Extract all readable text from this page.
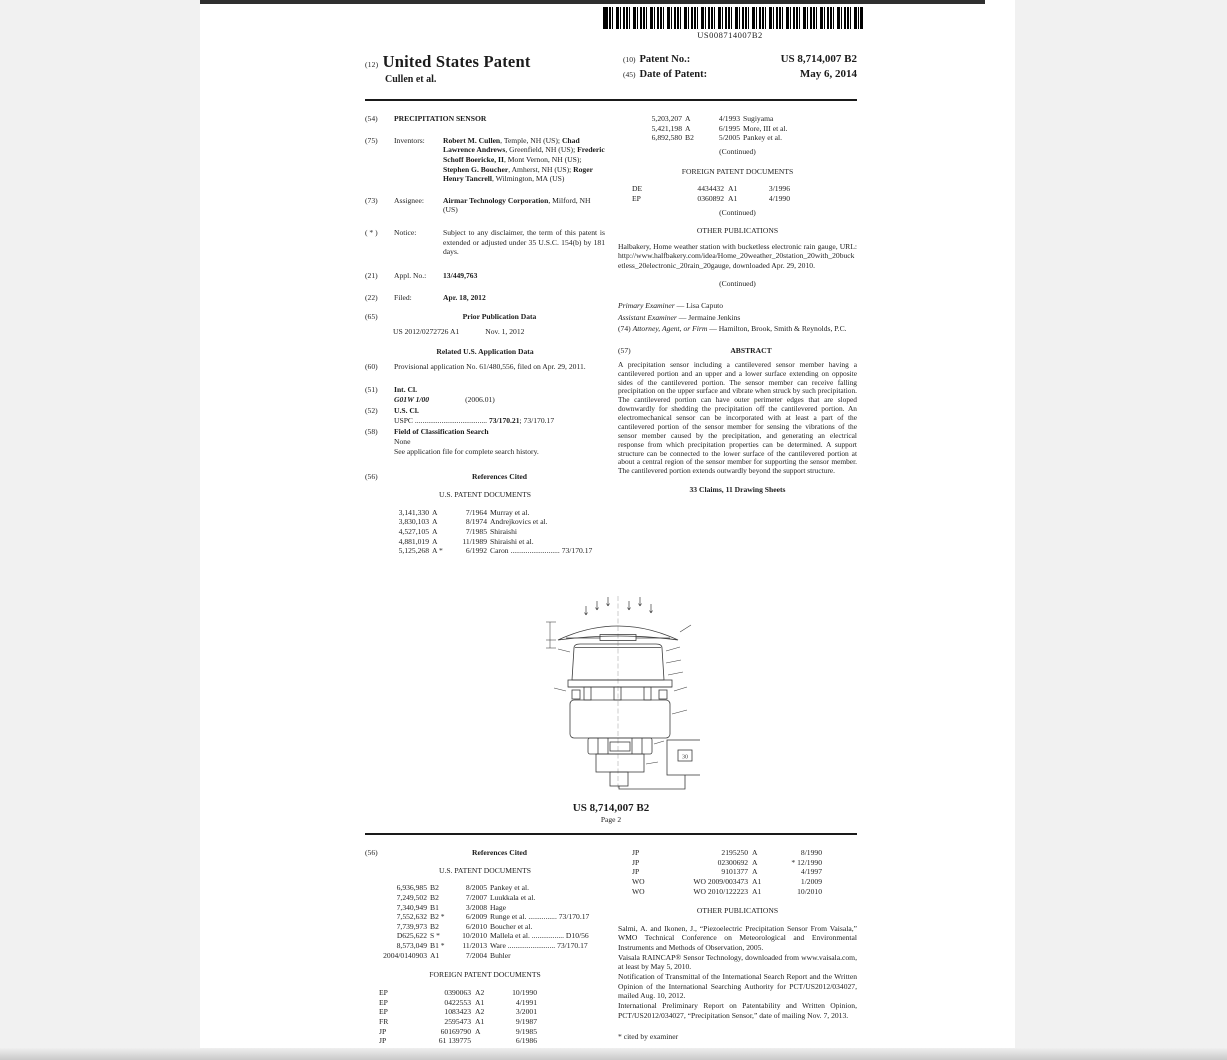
US008714007B2
(12) United States Patent
Cullen et al.
(10) Patent No.:	US 8,714,007 B2
(45) Date of Patent:	May 6, 2014
(54)	PRECIPITATION SENSOR
(75)	Inventors:	Robert M. Cullen, Temple, NH (US); Chad Lawrence Andrews, Greenfield, NH (US); Frederic Schoff Boericke, II, Mont Vernon, NH (US); Stephen G. Boucher, Amherst, NH (US); Roger Henry Tancrell, Wilmington, MA (US)
(73)	Assignee:	Airmar Technology Corporation, Milford, NH (US)
( * )	Notice:	Subject to any disclaimer, the term of this patent is extended or adjusted under 35 U.S.C. 154(b) by 181 days.
(21)	Appl. No.:	13/449,763
(22)	Filed:	Apr. 18, 2012
(65)	Prior Publication Data
US 2012/0272726 A1	Nov. 1, 2012
Related U.S. Application Data
(60)	Provisional application No. 61/480,556, filed on Apr. 29, 2011.
(51)	Int. Cl.
G01W 1/00	(2006.01)
(52)	U.S. Cl.
USPC ...................................... 73/170.21; 73/170.17
(58)	Field of Classification Search
None
See application file for complete search history.
(56)	References Cited
U.S. PATENT DOCUMENTS
3,141,330 A	7/1964 Murray et al.
3,830,103 A	8/1974 Andrejkovics et al.
4,527,105 A	7/1985 Shiraishi
4,881,019 A	11/1989 Shiraishi et al.
5,125,268 A *	6/1992 Caron .......................... 73/170.17
5,203,207 A	4/1993 Sugiyama
5,421,198 A	6/1995 More, III et al.
6,892,580 B2	5/2005 Pankey et al.
(Continued)
FOREIGN PATENT DOCUMENTS
DE	4434432 A1	3/1996
EP	0360892 A1	4/1990
(Continued)
OTHER PUBLICATIONS

Halbakery, Home weather station with bucketless electronic rain gauge, URL: http://www.halfbakery.com/idea/Home_20weather_20station_20with_20bucketless_20electronic_20rain_20gauge, downloaded Apr. 29, 2010.

(Continued)

Primary Examiner — Lisa Caputo

Assistant Examiner — Jermaine Jenkins

(74) Attorney, Agent, or Firm — Hamilton, Brook, Smith & Reynolds, P.C.

(57)	ABSTRACT

A precipitation sensor including a cantilevered sensor member having a cantilevered portion and an upper and a lower surface extending on opposite sides of the cantilevered portion. The sensor member can receive falling precipitation on the upper surface and vibrate when struck by such precipitation. The cantilevered portion can have outer perimeter edges that are sloped downwardly for shedding the precipitation off the cantilevered portion. An electromechanical sensor can be incorporated with at least a part of the cantilevered portion of the sensor member for sensing the vibrations of the sensor member caused by the precipitation, and generating an electrical response from which precipitation properties can be determined. A support structure can be connected to the lower surface of the cantilevered portion at about a central region of the sensor member for supporting the sensor member. The cantilevered portion extends outwardly beyond the support structure.

33 Claims, 11 Drawing Sheets
30
US 8,714,007 B2
Page 2
(56)	References Cited
U.S. PATENT DOCUMENTS
6,936,985 B2	8/2005 Pankey et al.
7,249,502 B2	7/2007 Luukkala et al.
7,340,949 B1	3/2008 Hage
7,552,632 B2 *	6/2009 Runge et al. ............... 73/170.17
7,739,973 B2	6/2010 Boucher et al.
D625,622 S *	10/2010 Mallela et al. ................. D10/56
8,573,049 B1 *	11/2013 Ware ......................... 73/170.17
2004/0140903 A1	7/2004 Buhler
FOREIGN PATENT DOCUMENTS
EP	0390063 A2	10/1990
EP	0422553 A1	4/1991
EP	1083423 A2	3/2001
FR	2595473 A1	9/1987
JP	60169790 A	9/1985
JP	61 139775	6/1986
JP	2195250 A	8/1990
JP	02300692 A	* 12/1990
JP	9101377 A	4/1997
WO	WO 2009/003473 A1	1/2009
WO	WO 2010/122223 A1	10/2010
OTHER PUBLICATIONS

Salmi, A. and Ikonen, J., “Piezoelectric Precipitation Sensor From Vaisala,” WMO Technical Conference on Meteorological and Environmental Instruments and Methods of Observation, 2005.

Vaisala RAINCAP® Sensor Technology, downloaded from www.vaisala.com, at least by May 5, 2010.

Notification of Transmittal of the International Search Report and the Written Opinion of the International Searching Authority for PCT/US2012/034027, mailed Aug. 10, 2012.

International Preliminary Report on Patentability and Written Opinion, PCT/US2012/034027, “Precipitation Sensor,” date of mailing Nov. 7, 2013.

* cited by examiner
